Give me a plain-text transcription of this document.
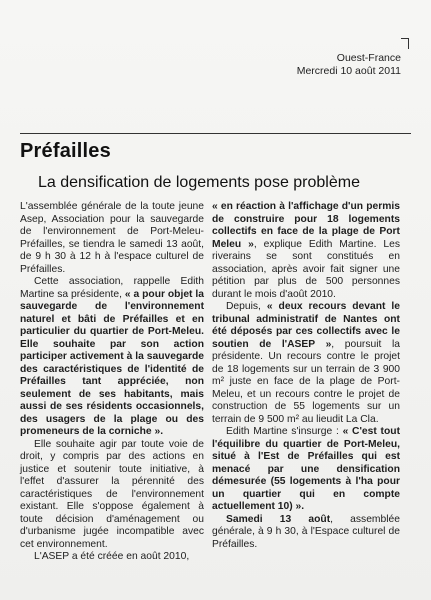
Ouest-France
Mercredi 10 août 2011
Préfailles
La densification de logements pose problème

L'assemblée générale de la toute jeune Asep, Association pour la sauvegarde de l'environnement de Port-Meleu-Préfailles, se tiendra le samedi 13 août, de 9 h 30 à 12 h à l'espace culturel de Préfailles.

Cette association, rappelle Edith Martine sa présidente, « a pour objet la sauvegarde de l'environnement naturel et bâti de Préfailles et en particulier du quartier de Port-Meleu. Elle souhaite par son action participer activement à la sauvegarde des caractéristiques de l'identité de Préfailles tant appréciée, non seulement de ses habitants, mais aussi de ses résidents occasionnels, des usagers de la plage ou des promeneurs de la corniche ».

Elle souhaite agir par toute voie de droit, y compris par des actions en justice et soutenir toute initiative, à l'effet d'assurer la pérennité des caractéristiques de l'environnement existant. Elle s'oppose également à toute décision d'aménagement ou d'urbanisme jugée incompatible avec cet environnement.

L'ASEP a été créée en août 2010,

« en réaction à l'affichage d'un permis de construire pour 18 logements collectifs en face de la plage de Port Meleu », explique Edith Martine. Les riverains se sont constitués en association, après avoir fait signer une pétition par plus de 500 personnes durant le mois d'août 2010.

Depuis, « deux recours devant le tribunal administratif de Nantes ont été déposés par ces collectifs avec le soutien de l'ASEP », poursuit la présidente. Un recours contre le projet de 18 logements sur un terrain de 3 900 m² juste en face de la plage de Port-Meleu, et un recours contre le projet de construction de 55 logements sur un terrain de 9 500 m² au lieudit La Cla.

Edith Martine s'insurge : « C'est tout l'équilibre du quartier de Port-Meleu, situé à l'Est de Préfailles qui est menacé par une densification démesurée (55 logements à l'ha pour un quartier qui en compte actuellement 10) ».

Samedi 13 août, assemblée générale, à 9 h 30, à l'Espace culturel de Préfailles.
